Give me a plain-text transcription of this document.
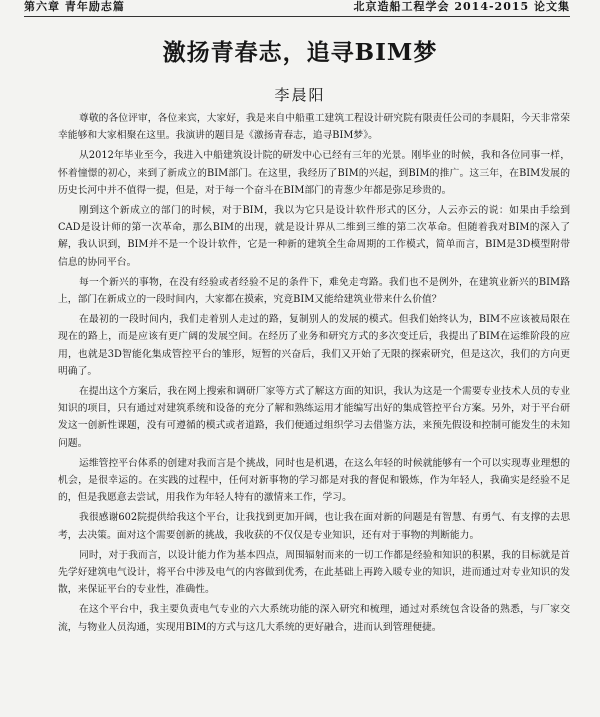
第六章 青年励志篇	北京造船工程学会 2014-2015 论文集
激扬青春志，追寻BIM梦
李晨阳

尊敬的各位评审，各位来宾，大家好，我是来自中船重工建筑工程设计研究院有限责任公司的李晨阳，今天非常荣幸能够和大家相聚在这里。我演讲的题目是《激扬青春志，追寻BIM梦》。

从2012年毕业至今，我进入中船建筑设计院的研发中心已经有三年的光景。刚毕业的时候，我和各位同事一样，怀着憧憬的初心，来到了新成立的BIM部门。在这里，我经历了BIM的兴起，到BIM的推广。这三年，在BIM发展的历史长河中并不值得一提，但是，对于每一个奋斗在BIM部门的青葱少年都是弥足珍贵的。

刚到这个新成立的部门的时候，对于BIM，我以为它只是设计软件形式的区分，人云亦云的说：如果由手绘到CAD是设计师的第一次革命，那么BIM的出现，就是设计界从二维到三维的第二次革命。但随着我对BIM的深入了解，我认识到，BIM并不是一个设计软件，它是一种新的建筑全生命周期的工作模式，简单而言，BIM是3D模型附带信息的协同平台。

每一个新兴的事物，在没有经验或者经验不足的条件下，难免走弯路。我们也不是例外，在建筑业新兴的BIM路上，部门在新成立的一段时间内，大家都在摸索，究竟BIM又能给建筑业带来什么价值？

在最初的一段时间内，我们走着别人走过的路，复制别人的发展的模式。但我们始终认为，BIM不应该被局限在现在的路上，而是应该有更广阔的发展空间。在经历了业务和研究方式的多次变迁后，我提出了BIM在运维阶段的应用，也就是3D智能化集成管控平台的雏形，短暂的兴奋后，我们又开始了无限的探索研究，但是这次，我们的方向更明确了。

在提出这个方案后，我在网上搜索和调研厂家等方式了解这方面的知识，我认为这是一个需要专业技术人员的专业知识的项目，只有通过对建筑系统和设备的充分了解和熟练运用才能编写出好的集成管控平台方案。另外，对于平台研发这一创新性课题，没有可遵循的模式或者道路，我们便通过组织学习去借鉴方法，来预先假设和控制可能发生的未知问题。

运维管控平台体系的创建对我而言是个挑战，同时也是机遇，在这么年轻的时候就能够有一个可以实现專业理想的机会，是很幸运的。在实践的过程中，任何对新事物的学习都是对我的督促和锻炼，作为年轻人，我确实是经验不足的，但是我愿意去尝试，用我作为年轻人特有的激情来工作，学习。

我很感谢602院提供给我这个平台，让我找到更加开阔，也让我在面对新的问题是有智慧、有勇气、有支撑的去思考，去决策。面对这个需要创新的挑战，我收获的不仅仅是专业知识，还有对于事物的判断能力。

同时，对于我而言，以设计能力作为基本四点，周围辐射而来的一切工作都是经验和知识的积累，我的目标就是首先学好建筑电气设计，将平台中涉及电气的内容做到优秀，在此基础上再跨入暖专业的知识，进而通过对专业知识的发散，来保证平台的专业性，准确性。

在这个平台中，我主要负责电气专业的六大系统功能的深入研究和梳理，通过对系统包含设备的熟悉，与厂家交流，与物业人员沟通，实现用BIM的方式与这几大系统的更好融合，进而认到管理便捷。
